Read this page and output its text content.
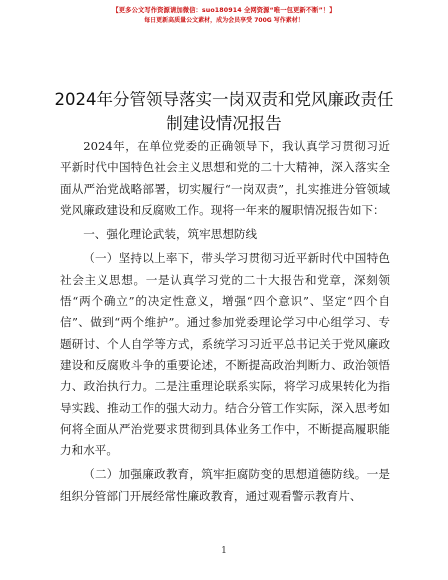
【更多公文写作资源请加微信：suo180914 全网资源“唯一包更新不断”！】
每日更新高质量公文素材，成为会员享受 700G 写作素材！
2024年分管领导落实一岗双责和党风廉政责任
制建设情况报告

2024年，在单位党委的正确领导下，我认真学习贯彻习近平新时代中国特色社会主义思想和党的二十大精神，深入落实全面从严治党战略部署，切实履行“一岗双责”，扎实推进分管领域党风廉政建设和反腐败工作。现将一年来的履职情况报告如下：

一、强化理论武装，筑牢思想防线

（一）坚持以上率下，带头学习贯彻习近平新时代中国特色社会主义思想。一是认真学习党的二十大报告和党章，深刻领悟“两个确立”的决定性意义，增强“四个意识”、坚定“四个自信”、做到“两个维护”。通过参加党委理论学习中心组学习、专题研讨、个人自学等方式，系统学习习近平总书记关于党风廉政建设和反腐败斗争的重要论述，不断提高政治判断力、政治领悟力、政治执行力。二是注重理论联系实际，将学习成果转化为指导实践、推动工作的强大动力。结合分管工作实际，深入思考如何将全面从严治党要求贯彻到具体业务工作中，不断提高履职能力和水平。

（二）加强廉政教育，筑牢拒腐防变的思想道德防线。一是组织分管部门开展经常性廉政教育，通过观看警示教育片、

1
